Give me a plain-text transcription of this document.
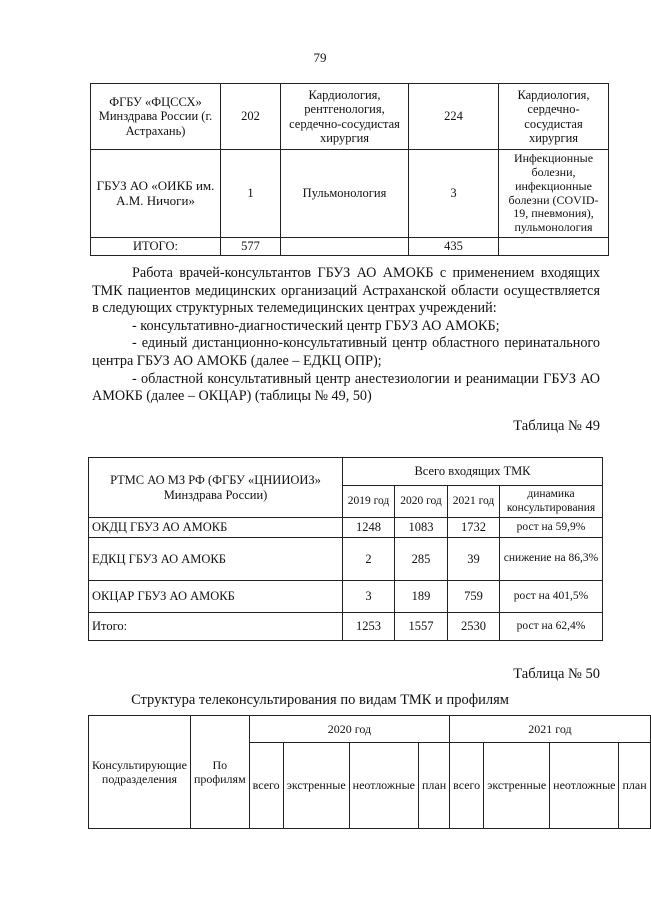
79
ФГБУ «ФЦССХ» Минздрава России (г. Астрахань)	202	Кардиология, рентгенология, сердечно-сосудистая хирургия	224	Кардиология, сердечно-сосудистая хирургия
ГБУЗ АО «ОИКБ им. А.М. Ничоги»	1	Пульмонология	3	Инфекционные болезни, инфекционные болезни (COVID-19, пневмония), пульмонология
ИТОГО:	577		435	

Работа врачей-консультантов ГБУЗ АО АМОКБ с применением входящих ТМК пациентов медицинских организаций Астраханской области осуществляется в следующих структурных телемедицинских центрах учреждений:

- консультативно-диагностический центр ГБУЗ АО АМОКБ;

- единый дистанционно-консультативный центр областного перинатального центра ГБУЗ АО АМОКБ (далее – ЕДКЦ ОПР);

- областной консультативный центр анестезиологии и реанимации ГБУЗ АО АМОКБ (далее – ОКЦАР) (таблицы № 49, 50)

Таблица № 49
РТМС АО МЗ РФ (ФГБУ «ЦНИИОИЗ» Минздрава России)	Всего входящих ТМК			
	2019 год	2020 год	2021 год	динамика консультирования
ОКДЦ ГБУЗ АО АМОКБ	1248	1083	1732	рост на 59,9%
ЕДКЦ ГБУЗ АО АМОКБ	2	285	39	снижение на 86,3%
ОКЦАР ГБУЗ АО АМОКБ	3	189	759	рост на 401,5%
Итого:	1253	1557	2530	рост на 62,4%
Таблица № 50
Структура телеконсультирования по видам ТМК и профилям
Консультирующие подразделения	По профилям	2020 год				2021 год			
		всего	экстренные	неотложные	план	всего	экстренные	неотложные	план
